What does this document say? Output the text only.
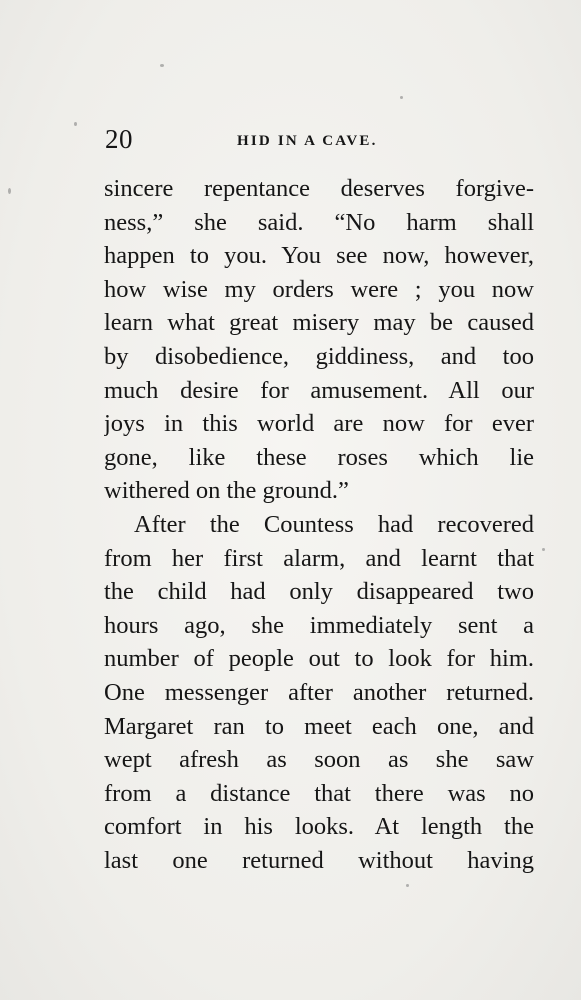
20	HID IN A CAVE.
sincere repentance deserves forgive-
ness,” she said. “No harm shall
happen to you. You see now, however,
how wise my orders were ; you now
learn what great misery may be caused
by disobedience, giddiness, and too
much desire for amusement. All our
joys in this world are now for ever
gone, like these roses which lie
withered on the ground.”
After the Countess had recovered
from her first alarm, and learnt that
the child had only disappeared two
hours ago, she immediately sent a
number of people out to look for him.
One messenger after another returned.
Margaret ran to meet each one, and
wept afresh as soon as she saw
from a distance that there was no
comfort in his looks. At length the
last one returned without having
